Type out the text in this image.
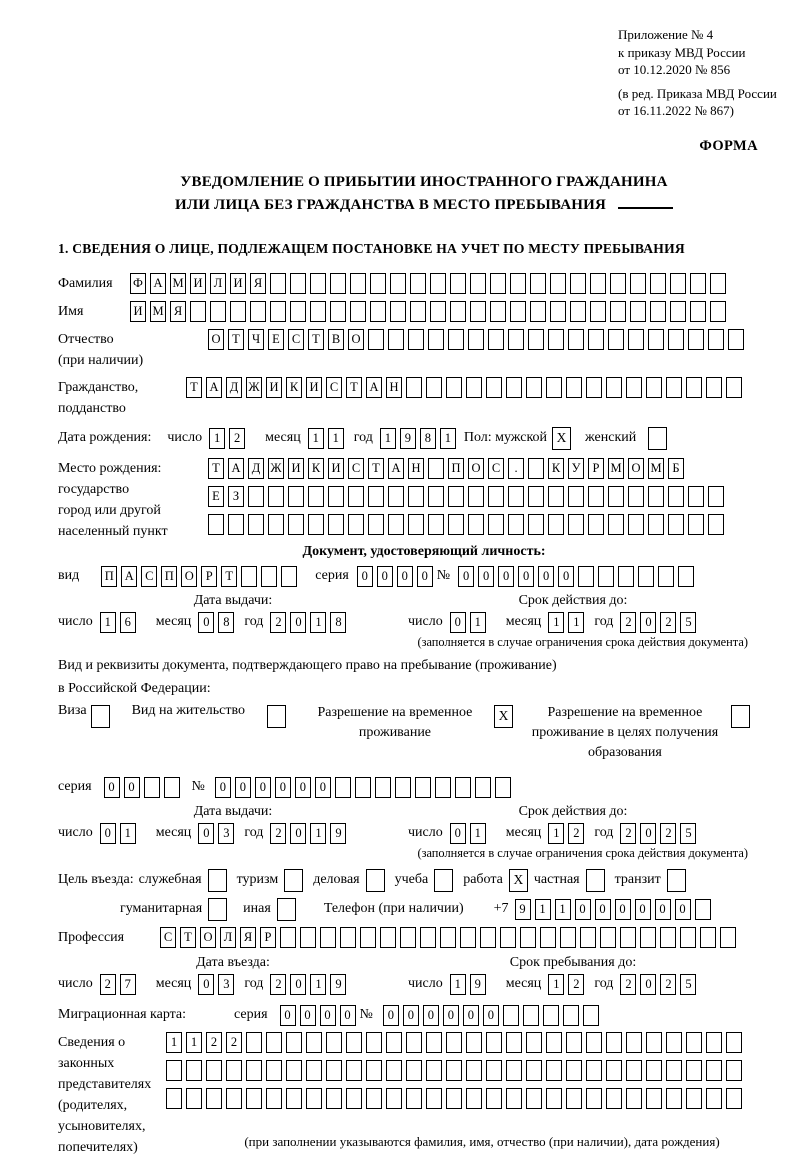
Приложение № 4
к приказу МВД России
от 10.12.2020 № 856
(в ред. Приказа МВД России
от 16.11.2022 № 867)
ФОРМА
УВЕДОМЛЕНИЕ О ПРИБЫТИИ ИНОСТРАННОГО ГРАЖДАНИНА
ИЛИ ЛИЦА БЕЗ ГРАЖДАНСТВА В МЕСТО ПРЕБЫВАНИЯ
1. СВЕДЕНИЯ О ЛИЦЕ, ПОДЛЕЖАЩЕМ ПОСТАНОВКЕ НА УЧЕТ ПО МЕСТУ ПРЕБЫВАНИЯ
Фамилия	Ф А М И Л И Я
Имя	И М Я
Отчество
(при наличии)
О Т Ч Е С Т В О
Гражданство,
подданство
Т А Д Ж И К И С Т А Н
Дата рождения: число 1	2	месяц 1	1	год 1	9	8	1 Пол: мужской X	женский
Место рождения:
государство
город или другой
населенный пункт
Т А Д Ж И К И С Т А Н П О С	.	К У Р М О М Б
Е	З
Документ, удостоверяющий личность:
вид П А С П О Р	Т	серия	0	0	0	0 №	0	0	0	0	0	0
Дата выдачи:	Срок действия до:
число 1	6	месяц 0	8	год 2	0	1	8	число 0	1	месяц 1	1	год 2	0	2	5
(заполняется в случае ограничения срока действия документа)
Вид и реквизиты документа, подтверждающего право на пребывание (проживание)
в Российской Федерации:
Виза	Вид на жительство	Разрешение на временное проживание
X	Разрешение на временное проживание в целях получения образования
серия	0	0	№	0	0	0	0	0	0
Дата выдачи:	Срок действия до:
число 0	1	месяц 0	3	год 2	0	1	9	число 0	1	месяц 1	2	год 2	0	2	5
(заполняется в случае ограничения срока действия документа)
Цель въезда: служебная	туризм	деловая	учеба	работа X частная	транзит
гуманитарная	иная	Телефон (при наличии) +7 9	1	1	0	0	0	0	0	0
Профессия	С Т О Л Я Р
Дата въезда:	Срок пребывания до:
число 2	7	месяц 0	3	год 2	0	1	9	число 1	9	месяц 1	2	год 2	0	2	5
Миграционная карта:	серия	0	0	0	0 №	0	0	0	0	0	0
Сведения о
законных
представителях
(родителях,
усыновителях,
попечителях)
1	1	2	2
(при заполнении указываются фамилия, имя, отчество (при наличии), дата рождения)
